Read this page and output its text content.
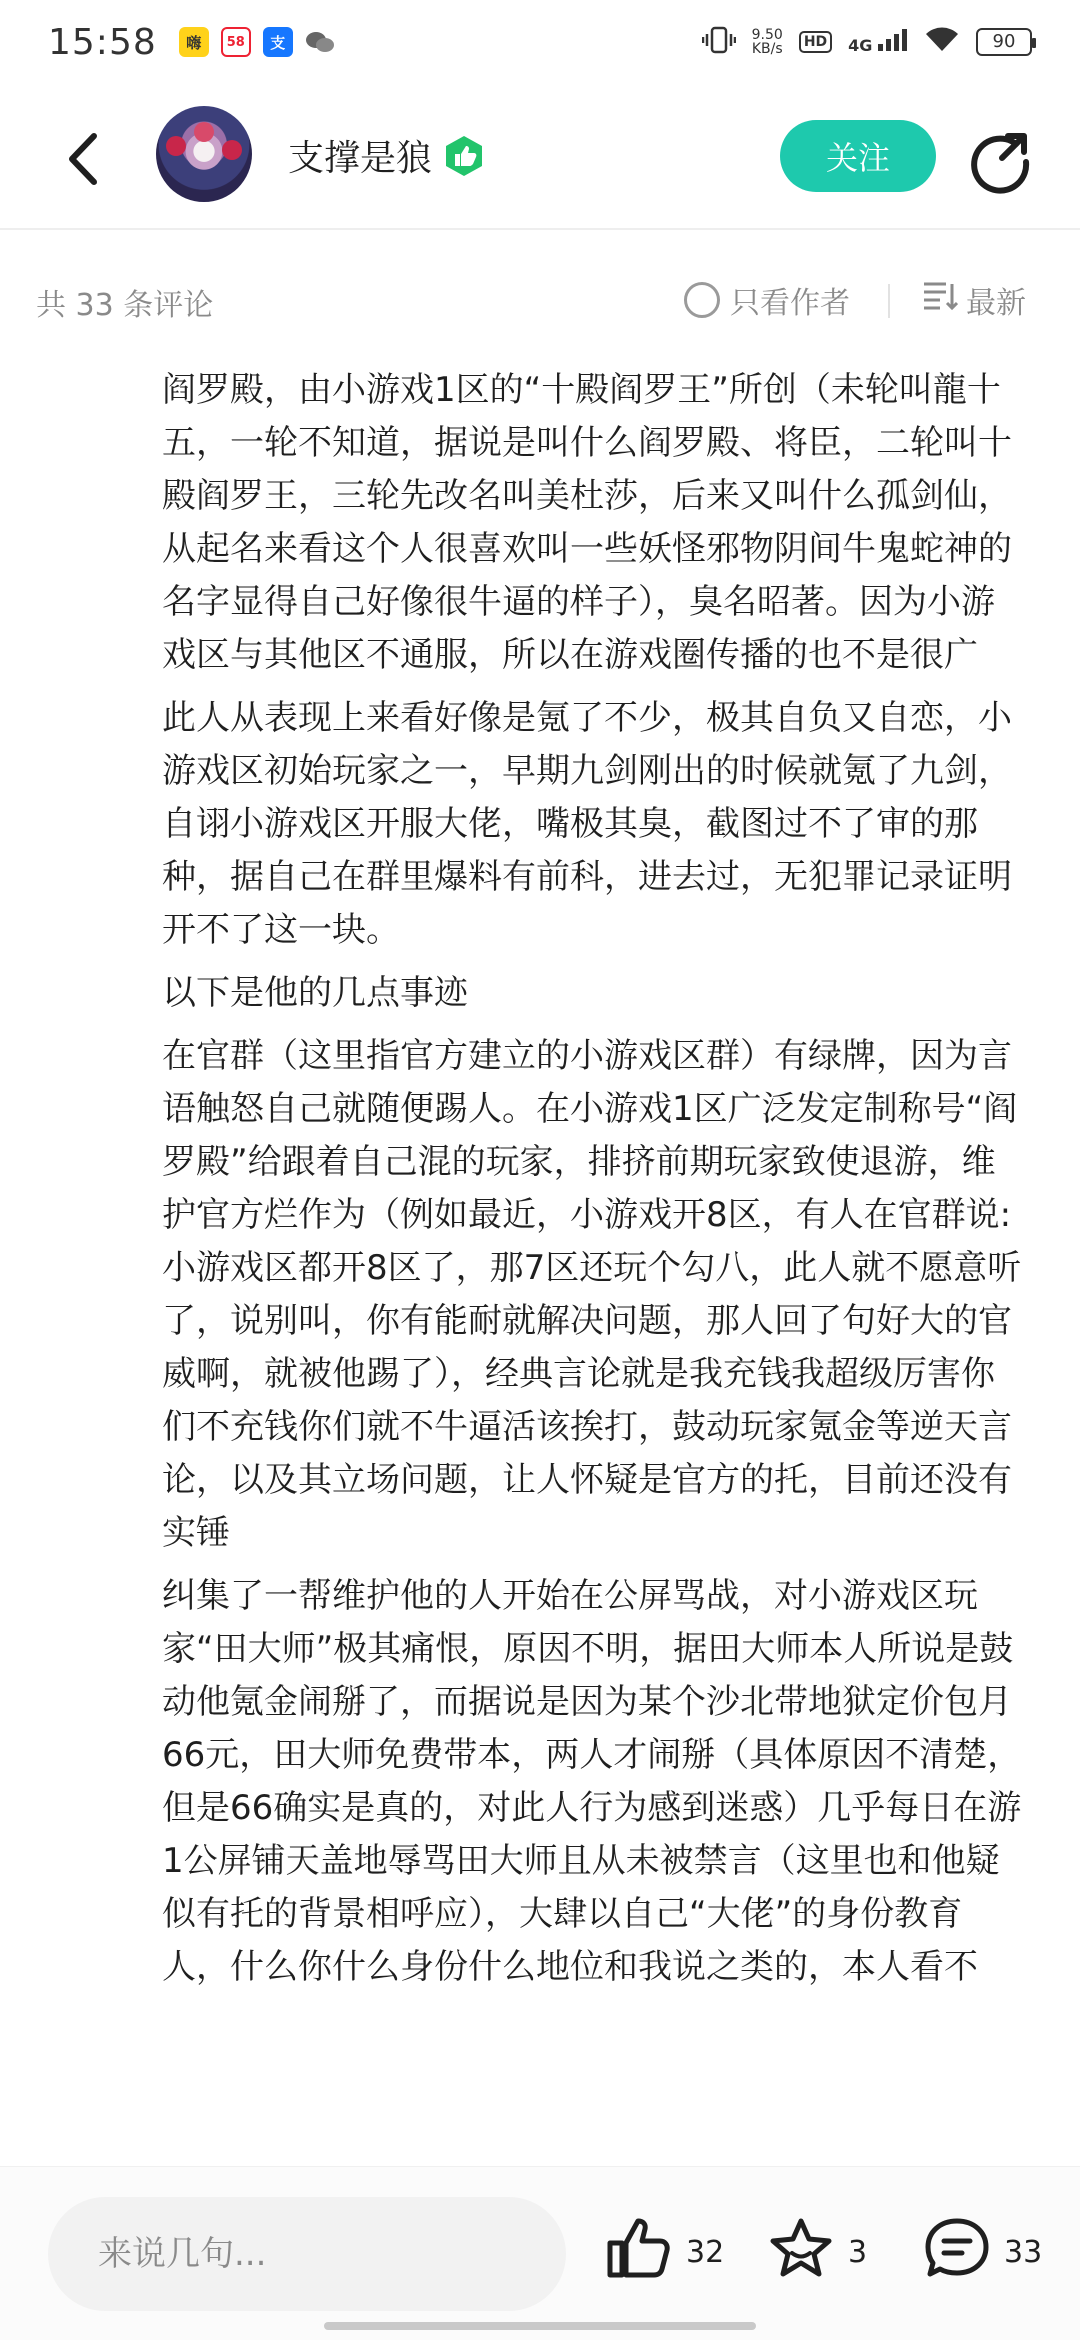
15:58	嗨	58	支	9.50
KB/s	HD	4G	90
支撑是狼	关注
共 33 条评论	只看作者	最新

阎罗殿，由小游戏1区的“十殿阎罗王”所创（未轮叫龍十五，一轮不知道，据说是叫什么阎罗殿、将臣，二轮叫十殿阎罗王，三轮先改名叫美杜莎，后来又叫什么孤剑仙，从起名来看这个人很喜欢叫一些妖怪邪物阴间牛鬼蛇神的名字显得自己好像很牛逼的样子），臭名昭著。因为小游戏区与其他区不通服，所以在游戏圈传播的也不是很广

此人从表现上来看好像是氪了不少，极其自负又自恋，小游戏区初始玩家之一，早期九剑刚出的时候就氪了九剑，自诩小游戏区开服大佬，嘴极其臭，截图过不了审的那种，据自己在群里爆料有前科，进去过，无犯罪记录证明开不了这一块。

以下是他的几点事迹

在官群（这里指官方建立的小游戏区群）有绿牌，因为言语触怒自己就随便踢人。在小游戏1区广泛发定制称号“阎罗殿”给跟着自己混的玩家，排挤前期玩家致使退游，维护官方烂作为（例如最近，小游戏开8区，有人在官群说:小游戏区都开8区了，那7区还玩个勾八，此人就不愿意听了，说别叫，你有能耐就解决问题，那人回了句好大的官威啊，就被他踢了），经典言论就是我充钱我超级厉害你们不充钱你们就不牛逼活该挨打，鼓动玩家氪金等逆天言论，以及其立场问题，让人怀疑是官方的托，目前还没有实锤

纠集了一帮维护他的人开始在公屏骂战，对小游戏区玩家“田大师”极其痛恨，原因不明，据田大师本人所说是鼓动他氪金闹掰了，而据说是因为某个沙北带地狱定价包月66元，田大师免费带本，两人才闹掰（具体原因不清楚，但是66确实是真的，对此人行为感到迷惑）几乎每日在游1公屏铺天盖地辱骂田大师且从未被禁言（这里也和他疑似有托的背景相呼应），大肆以自己“大佬”的身份教育人，什么你什么身份什么地位和我说之类的，本人看不

来说几句...
32	3	33
